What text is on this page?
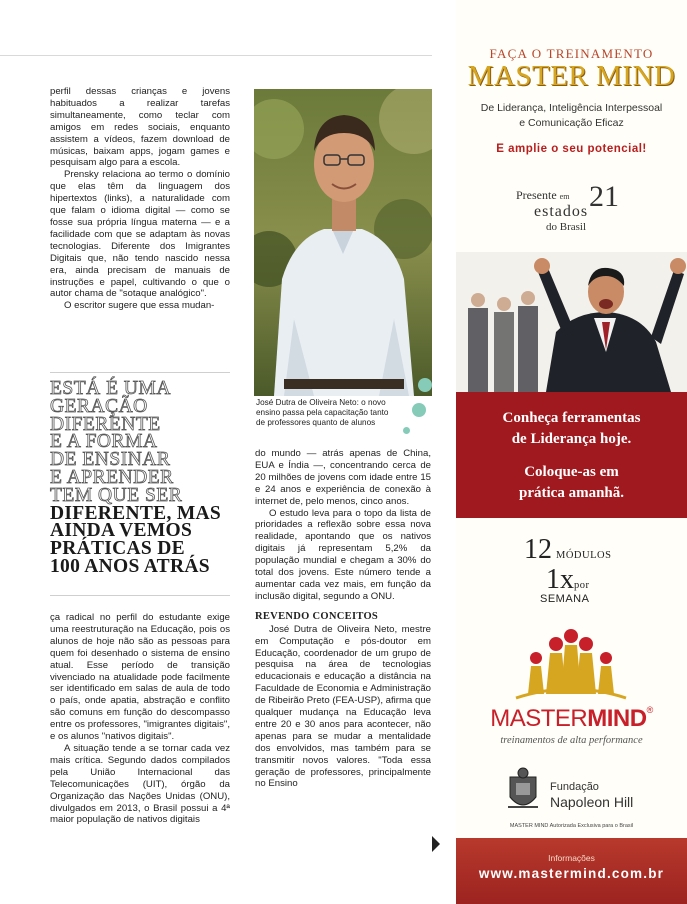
perfil dessas crianças e jovens habituados a realizar tarefas simultaneamente, como teclar com amigos em redes sociais, enquanto assistem a vídeos, fazem download de músicas, baixam apps, jogam games e pesquisam algo para a escola.

Prensky relaciona ao termo o domínio que elas têm da linguagem dos hipertextos (links), a naturalidade com que falam o idioma digital — como se fosse sua própria língua materna — e a facilidade com que se adaptam às novas tecnologias. Diferente dos Imigrantes Digitais que, não tendo nascido nessa era, ainda precisam de manuais de instruções e papel, cultivando o que o autor chama de "sotaque analógico".

O escritor sugere que essa mudan-

José Dutra de Oliveira Neto: o novo ensino passa pela capacitação tanto de professores quanto de alunos
ESTÁ É UMA
GERAÇÃO
DIFERENTE
E A FORMA
DE ENSINAR
E APRENDER
TEM QUE SER
DIFERENTE, MAS
AINDA VEMOS
PRÁTICAS DE
100 ANOS ATRÁS

ça radical no perfil do estudante exige uma reestruturação na Educação, pois os alunos de hoje não são as pessoas para quem foi desenhado o sistema de ensino atual. Esse período de transição vivenciado na atualidade pode facilmente ser identificado em salas de aula de todo o país, onde apatia, abstração e conflito são comuns em função do descompasso entre os professores, "imigrantes digitais", e os alunos "nativos digitais".

A situação tende a se tornar cada vez mais crítica. Segundo dados compilados pela União Internacional das Telecomunicações (UIT), órgão da Organização das Nações Unidas (ONU), divulgados em 2013, o Brasil possui a 4ª maior população de nativos digitais

do mundo — atrás apenas de China, EUA e Índia —, concentrando cerca de 20 milhões de jovens com idade entre 15 e 24 anos e experiência de conexão à internet de, pelo menos, cinco anos.

O estudo leva para o topo da lista de prioridades a reflexão sobre essa nova realidade, apontando que os nativos digitais já representam 5,2% da população mundial e chegam a 30% do total dos jovens. Este número tende a aumentar cada vez mais, em função da inclusão digital, segundo a ONU.

REVENDO CONCEITOS

José Dutra de Oliveira Neto, mestre em Computação e pós-doutor em Educação, coordenador de um grupo de pesquisa na área de tecnologias educacionais e educação a distância na Faculdade de Economia e Administração de Ribeirão Preto (FEA-USP), afirma que qualquer mudança na Educação leva entre 20 e 30 anos para acontecer, não apenas para se mudar a mentalidade dos envolvidos, mas também para se transmitir novos valores. "Toda essa geração de professores, principalmente no Ensino

FAÇA O TREINAMENTO
MASTER MIND
De Liderança, Inteligência Interpessoal
e Comunicação Eficaz
E amplie o seu potencial!
Presente em 21
estados
do Brasil
Conheça ferramentas
de Liderança hoje.
Coloque-as em
prática amanhã.
12 MÓDULOS
1xpor
SEMANA
MASTERMIND®
treinamentos de alta performance
Fundação
Napoleon Hill
MASTER MIND Autorizada Exclusiva para o Brasil
Informações
www.mastermind.com.br
